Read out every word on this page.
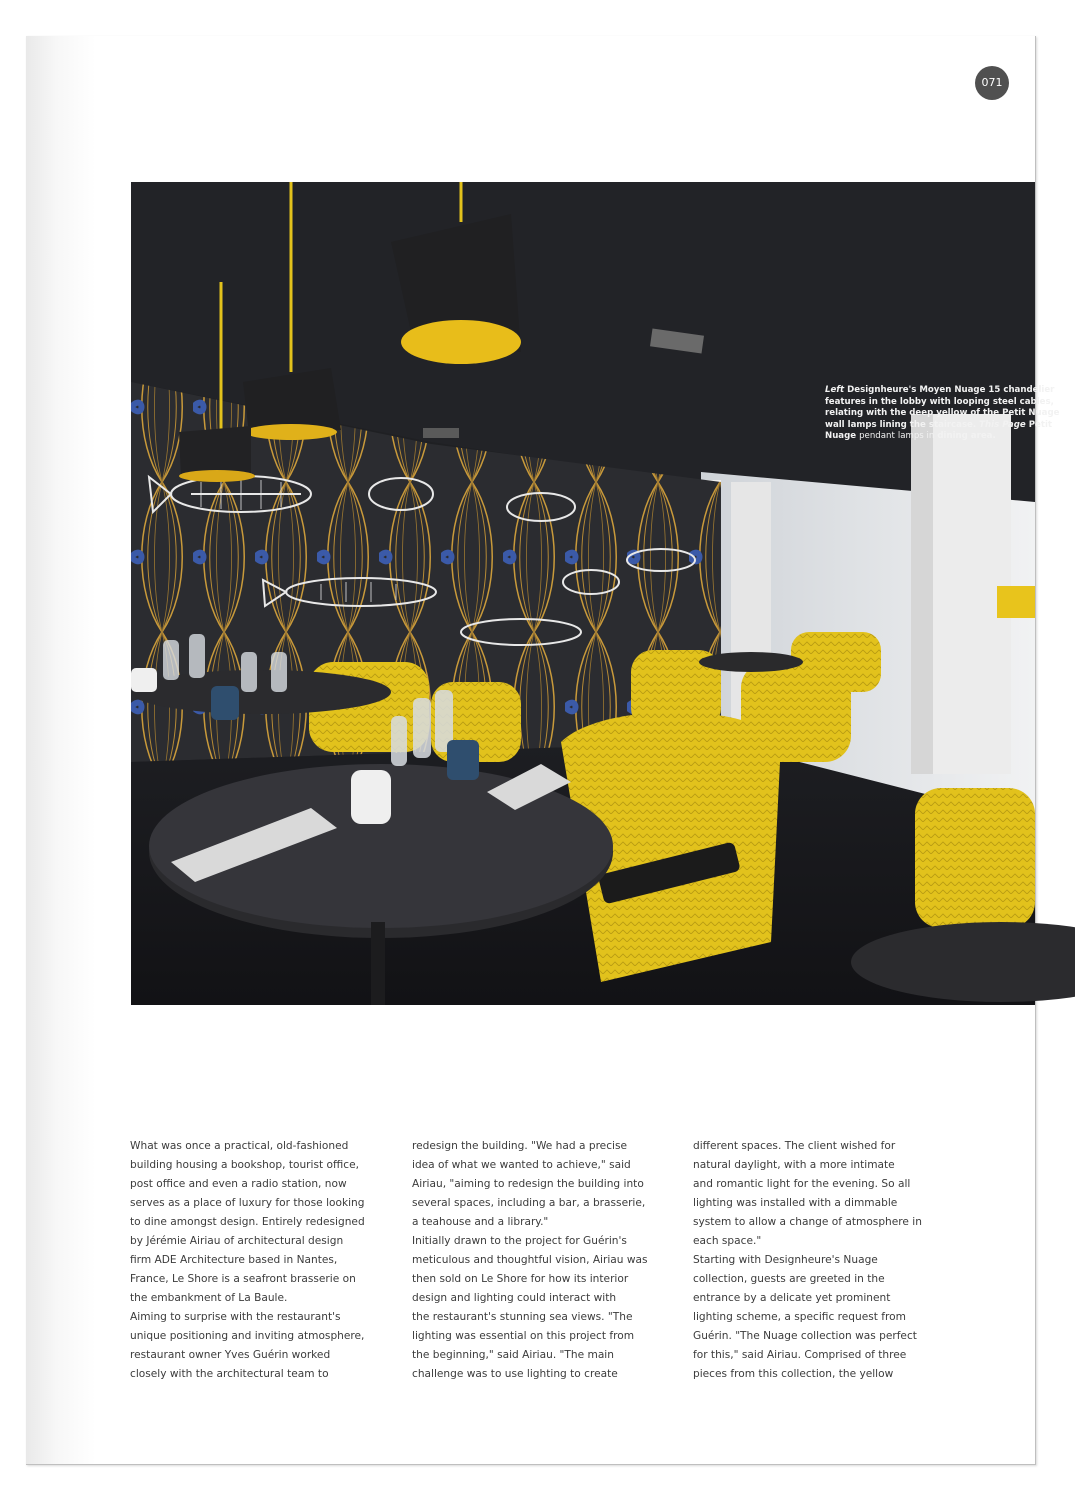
071
Left Designheure's Moyen Nuage 15 chandelier features in the lobby with looping steel cables, relating with the deep yellow of the Petit Nuage wall lamps lining the staircase. This Page Petit Nuage pendant lamps in dining area.

What was once a practical, old-fashioned
building housing a bookshop, tourist office,
post office and even a radio station, now
serves as a place of luxury for those looking
to dine amongst design. Entirely redesigned
by Jérémie Airiau of architectural design
firm ADE Architecture based in Nantes,
France, Le Shore is a seafront brasserie on
the embankment of La Baule.

Aiming to surprise with the restaurant's
unique positioning and inviting atmosphere,
restaurant owner Yves Guérin worked
closely with the architectural team to

redesign the building. "We had a precise
idea of what we wanted to achieve," said
Airiau, "aiming to redesign the building into
several spaces, including a bar, a brasserie,
a teahouse and a library."

Initially drawn to the project for Guérin's
meticulous and thoughtful vision, Airiau was
then sold on Le Shore for how its interior
design and lighting could interact with
the restaurant's stunning sea views. "The
lighting was essential on this project from
the beginning," said Airiau. "The main
challenge was to use lighting to create

different spaces. The client wished for
natural daylight, with a more intimate
and romantic light for the evening. So all
lighting was installed with a dimmable
system to allow a change of atmosphere in
each space."

Starting with Designheure's Nuage
collection, guests are greeted in the
entrance by a delicate yet prominent
lighting scheme, a specific request from
Guérin. "The Nuage collection was perfect
for this," said Airiau. Comprised of three
pieces from this collection, the yellow
